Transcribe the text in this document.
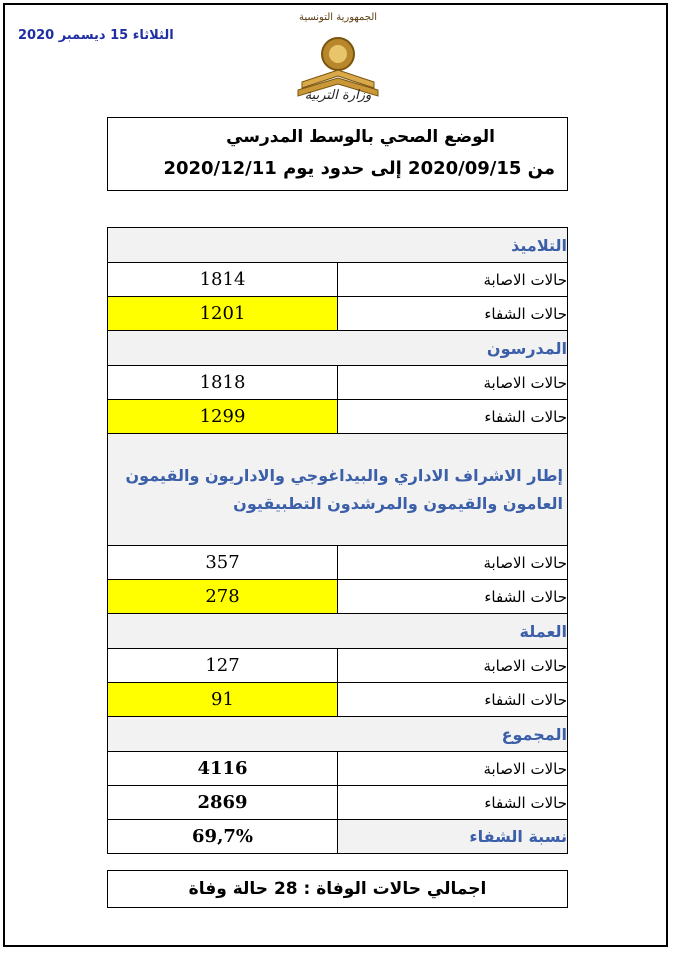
الثلاثاء 15 ديسمبر 2020
الجمهورية التونسية
وزارة التربية
الوضع الصحي بالوسط المدرسي
من 2020/09/15 إلى حدود يوم 2020/12/11
التلاميذ	
حالات الاصابة	1814
حالات الشفاء	1201
المدرسون	
حالات الاصابة	1818
حالات الشفاء	1299
إطار الاشراف الاداري والبيداغوجي والاداريون والقيمون العامون والقيمون والمرشدون التطبيقيون	
حالات الاصابة	357
حالات الشفاء	278
العملة	
حالات الاصابة	127
حالات الشفاء	91
المجموع	
حالات الاصابة	4116
حالات الشفاء	2869
نسبة الشفاء	69,7%
اجمالي حالات الوفاة : 28 حالة وفاة
